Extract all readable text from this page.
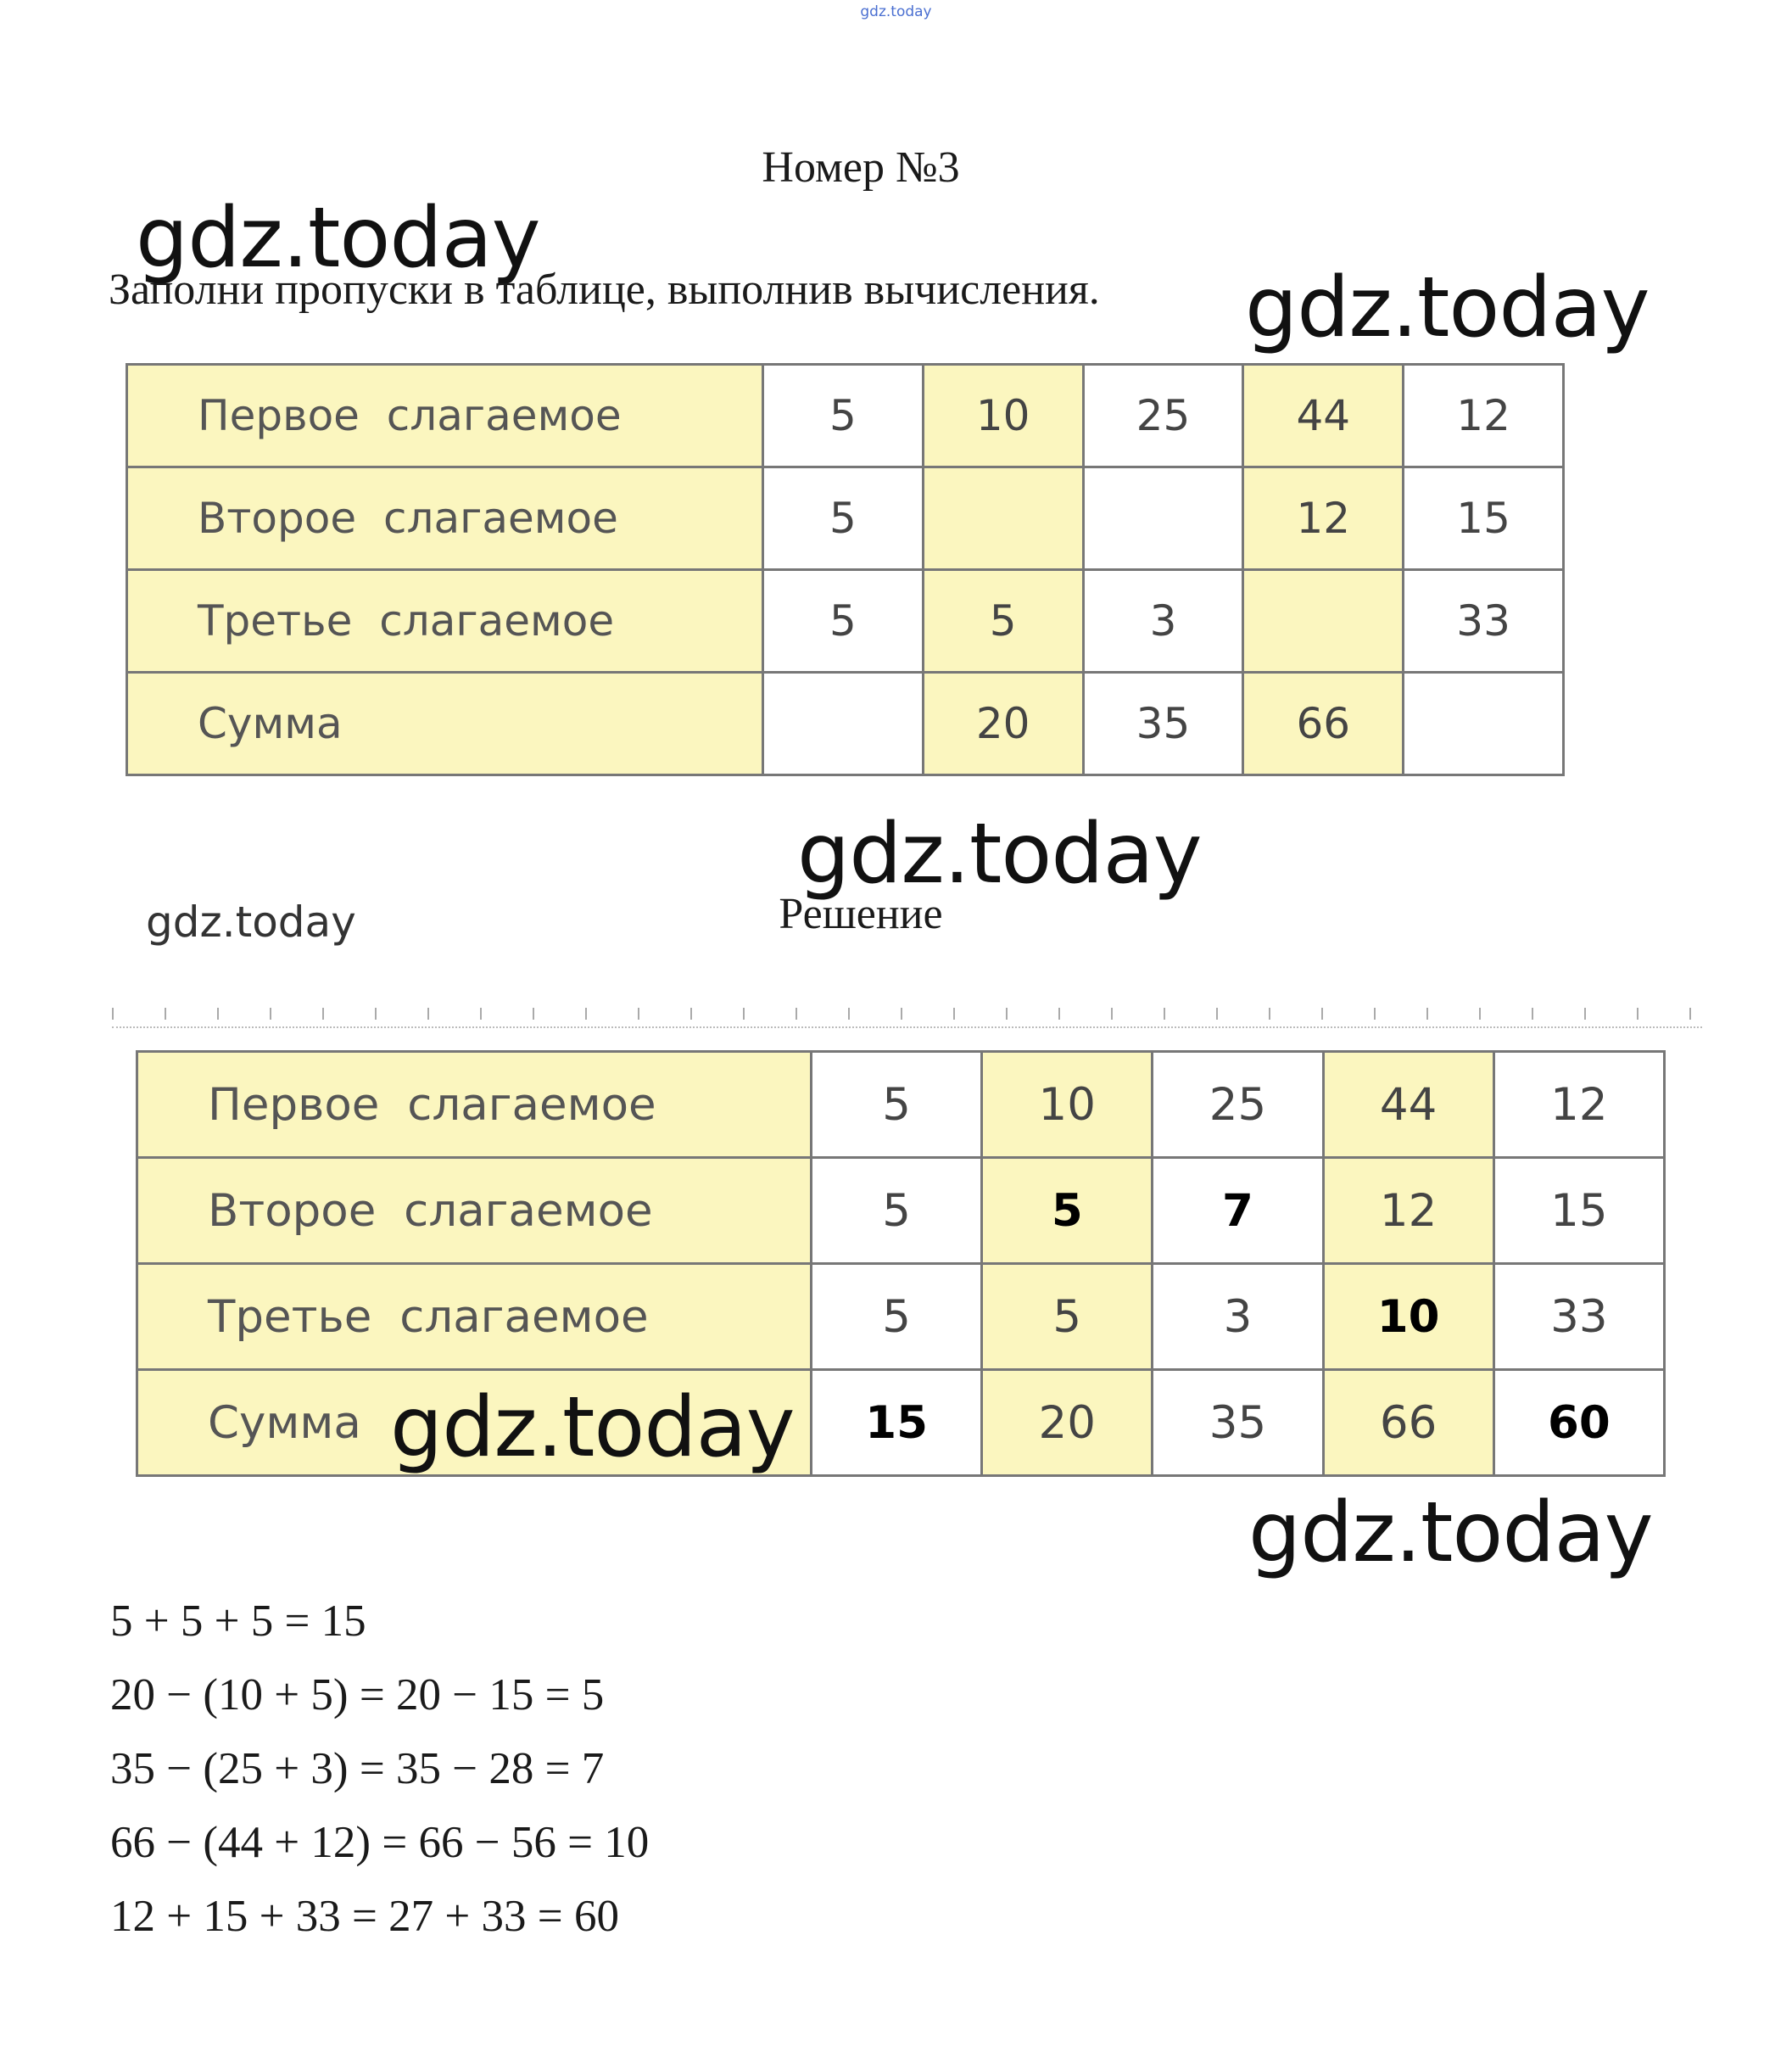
gdz.today
Номер №3
gdz.today
Заполни пропуски в таблице, выполнив вычисления. gdz.today
Первое слагаемое	5	10	25	44	12
Второе слагаемое	5			12	15
Третье слагаемое	5	5	3		33
Сумма		20	35	66	
gdz.today
gdz.today	Решение
Первое слагаемое	5	10	25	44	12
Второе слагаемое	5	5	7	12	15
Третье слагаемое	5	5	3	10	33
Сумма	15	20	35	66	60
gdz.today
gdz.today
5 + 5 + 5 = 15
20 − (10 + 5) = 20 − 15 = 5
35 − (25 + 3) = 35 − 28 = 7
66 − (44 + 12) = 66 − 56 = 10
12 + 15 + 33 = 27 + 33 = 60
